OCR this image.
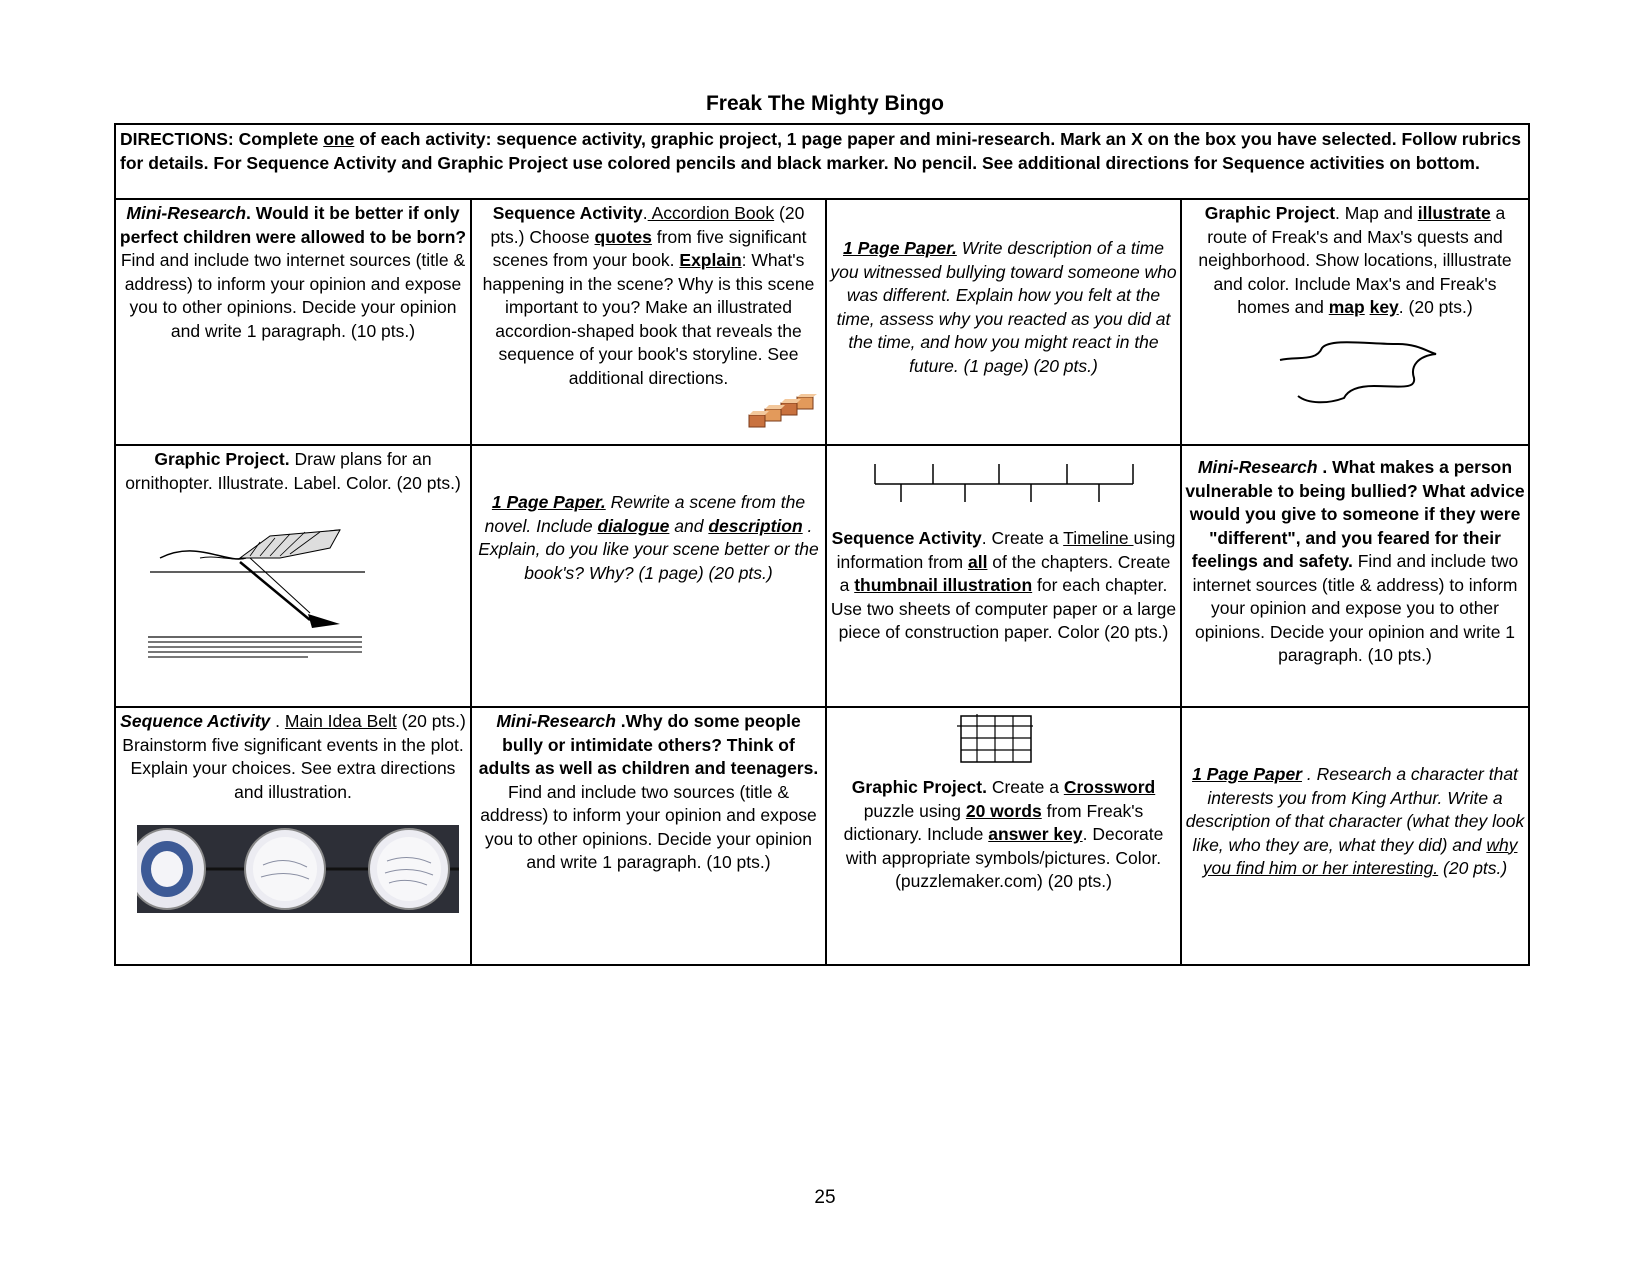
Freak The Mighty Bingo
DIRECTIONS: Complete one of each activity: sequence activity, graphic project, 1 page paper and mini-research. Mark an X on the box you have selected. Follow rubrics for details. For Sequence Activity and Graphic Project use colored pencils and black marker. No pencil. See additional directions for Sequence activities on bottom.
Mini-Research. Would it be better if only perfect children were allowed to be born? Find and include two internet sources (title & address) to inform your opinion and expose you to other opinions. Decide your opinion and write 1 paragraph. (10 pts.)
Sequence Activity. Accordion Book (20 pts.) Choose quotes from five significant scenes from your book. Explain: What's happening in the scene? Why is this scene important to you? Make an illustrated accordion-shaped book that reveals the sequence of your book's storyline. See additional directions.
1 Page Paper. Write description of a time you witnessed bullying toward someone who was different. Explain how you felt at the time, assess why you reacted as you did at the time, and how you might react in the future. (1 page) (20 pts.)
Graphic Project. Map and illustrate a route of Freak's and Max's quests and neighborhood. Show locations, illlustrate and color. Include Max's and Freak's homes and map key. (20 pts.)
Graphic Project. Draw plans for an ornithopter. Illustrate. Label. Color. (20 pts.)
1 Page Paper. Rewrite a scene from the novel. Include dialogue and description . Explain, do you like your scene better or the book's? Why? (1 page) (20 pts.)
Sequence Activity. Create a Timeline using information from all of the chapters. Create a thumbnail illustration for each chapter. Use two sheets of computer paper or a large piece of construction paper. Color (20 pts.)
Mini-Research . What makes a person vulnerable to being bullied? What advice would you give to someone if they were "different", and you feared for their feelings and safety. Find and include two internet sources (title & address) to inform your opinion and expose you to other opinions. Decide your opinion and write 1 paragraph. (10 pts.)
Sequence Activity . Main Idea Belt (20 pts.) Brainstorm five significant events in the plot. Explain your choices. See extra directions and illustration.
Mini-Research .Why do some people bully or intimidate others? Think of adults as well as children and teenagers. Find and include two sources (title & address) to inform your opinion and expose you to other opinions. Decide your opinion and write 1 paragraph. (10 pts.)
Graphic Project. Create a Crossword puzzle using 20 words from Freak's dictionary. Include answer key. Decorate with appropriate symbols/pictures. Color. (puzzlemaker.com) (20 pts.)
1 Page Paper . Research a character that interests you from King Arthur. Write a description of that character (what they look like, who they are, what they did) and why you find him or her interesting. (20 pts.)
25
